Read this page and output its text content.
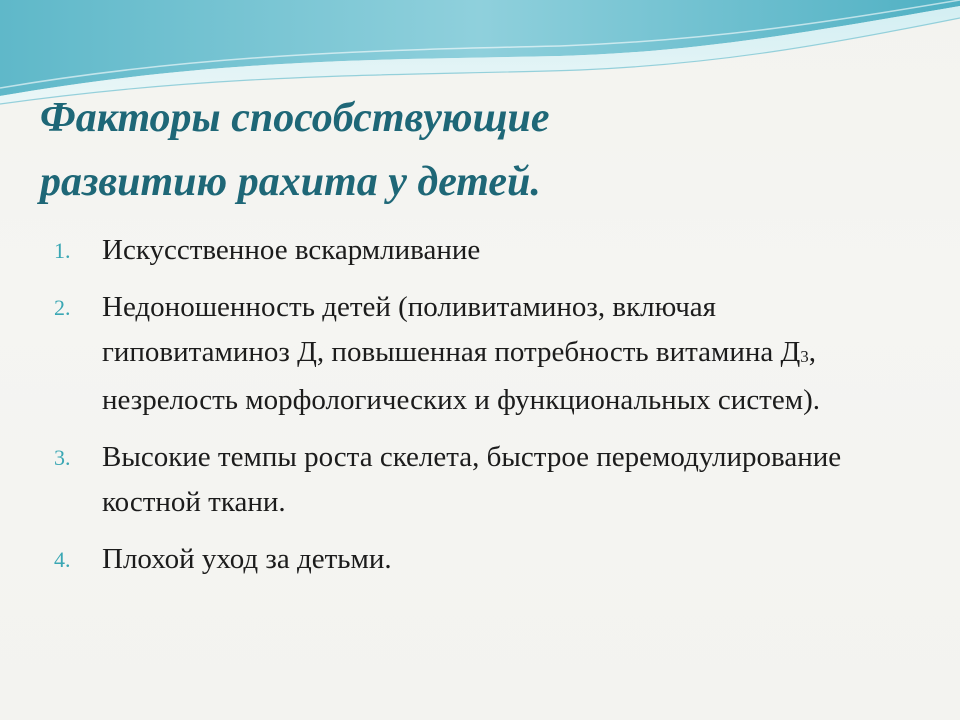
Факторы способствующие
развитию рахита у детей.
1. Искусственное вскармливание
2. Недоношенность детей (поливитаминоз, включая гиповитаминоз Д, повышенная потребность витамина $Д_3$, незрелость морфологических и функциональных систем).
3. Высокие темпы роста скелета, быстрое перемодулирование костной ткани.
4. Плохой уход за детьми.
